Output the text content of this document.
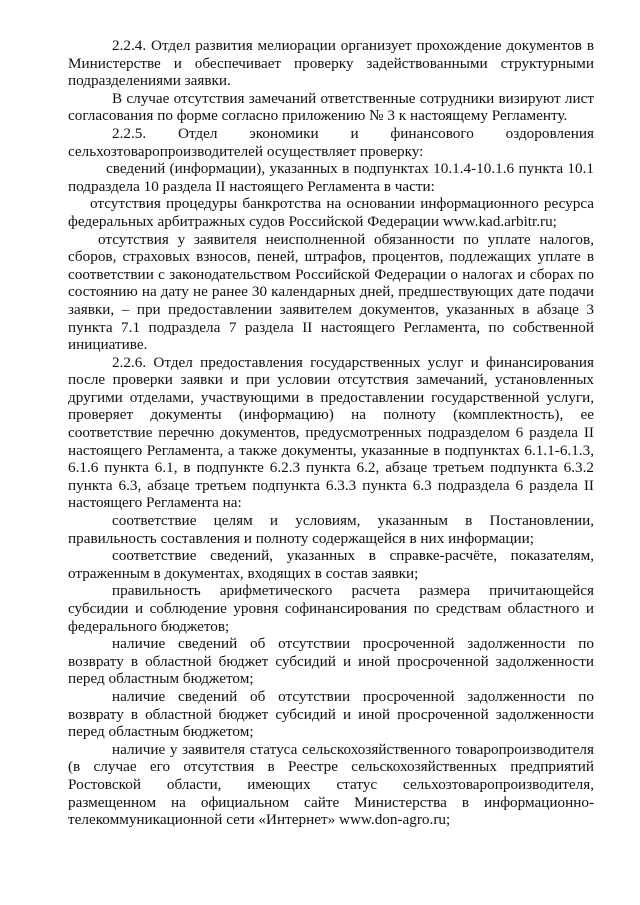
2.2.4. Отдел развития мелиорации организует прохождение документов в Министерстве и обеспечивает проверку задействованными структурными подразделениями заявки.

В случае отсутствия замечаний ответственные сотрудники визируют лист согласования по форме согласно приложению № 3 к настоящему Регламенту.

2.2.5. Отдел экономики и финансового оздоровления сельхозтоваропроизводителей осуществляет проверку:

сведений (информации), указанных в подпунктах 10.1.4-10.1.6 пункта 10.1 подраздела 10 раздела II настоящего Регламента в части:

отсутствия процедуры банкротства на основании информационного ресурса федеральных арбитражных судов Российской Федерации www.kad.arbitr.ru;

отсутствия у заявителя неисполненной обязанности по уплате налогов, сборов, страховых взносов, пеней, штрафов, процентов, подлежащих уплате в соответствии с законодательством Российской Федерации о налогах и сборах по состоянию на дату не ранее 30 календарных дней, предшествующих дате подачи заявки, – при предоставлении заявителем документов, указанных в абзаце 3 пункта 7.1 подраздела 7 раздела II настоящего Регламента, по собственной инициативе.

2.2.6. Отдел предоставления государственных услуг и финансирования после проверки заявки и при условии отсутствия замечаний, установленных другими отделами, участвующими в предоставлении государственной услуги, проверяет документы (информацию) на полноту (комплектность), ее соответствие перечню документов, предусмотренных подразделом 6 раздела II настоящего Регламента, а также документы, указанные в подпунктах 6.1.1-6.1.3, 6.1.6 пункта 6.1, в подпункте 6.2.3 пункта 6.2, абзаце третьем подпункта 6.3.2 пункта 6.3, абзаце третьем подпункта 6.3.3 пункта 6.3 подраздела 6 раздела II настоящего Регламента на:

соответствие целям и условиям, указанным в Постановлении, правильность составления и полноту содержащейся в них информации;

соответствие сведений, указанных в справке-расчёте, показателям, отраженным в документах, входящих в состав заявки;

правильность арифметического расчета размера причитающейся субсидии и соблюдение уровня софинансирования по средствам областного и федерального бюджетов;

наличие сведений об отсутствии просроченной задолженности по возврату в областной бюджет субсидий и иной просроченной задолженности перед областным бюджетом;

наличие сведений об отсутствии просроченной задолженности по возврату в областной бюджет субсидий и иной просроченной задолженности перед областным бюджетом;

наличие у заявителя статуса сельскохозяйственного товаропроизводителя (в случае его отсутствия в Реестре сельскохозяйственных предприятий Ростовской области, имеющих статус сельхозтоваропроизводителя, размещенном на официальном сайте Министерства в информационно-телекоммуникационной сети «Интернет» www.don-agro.ru;
